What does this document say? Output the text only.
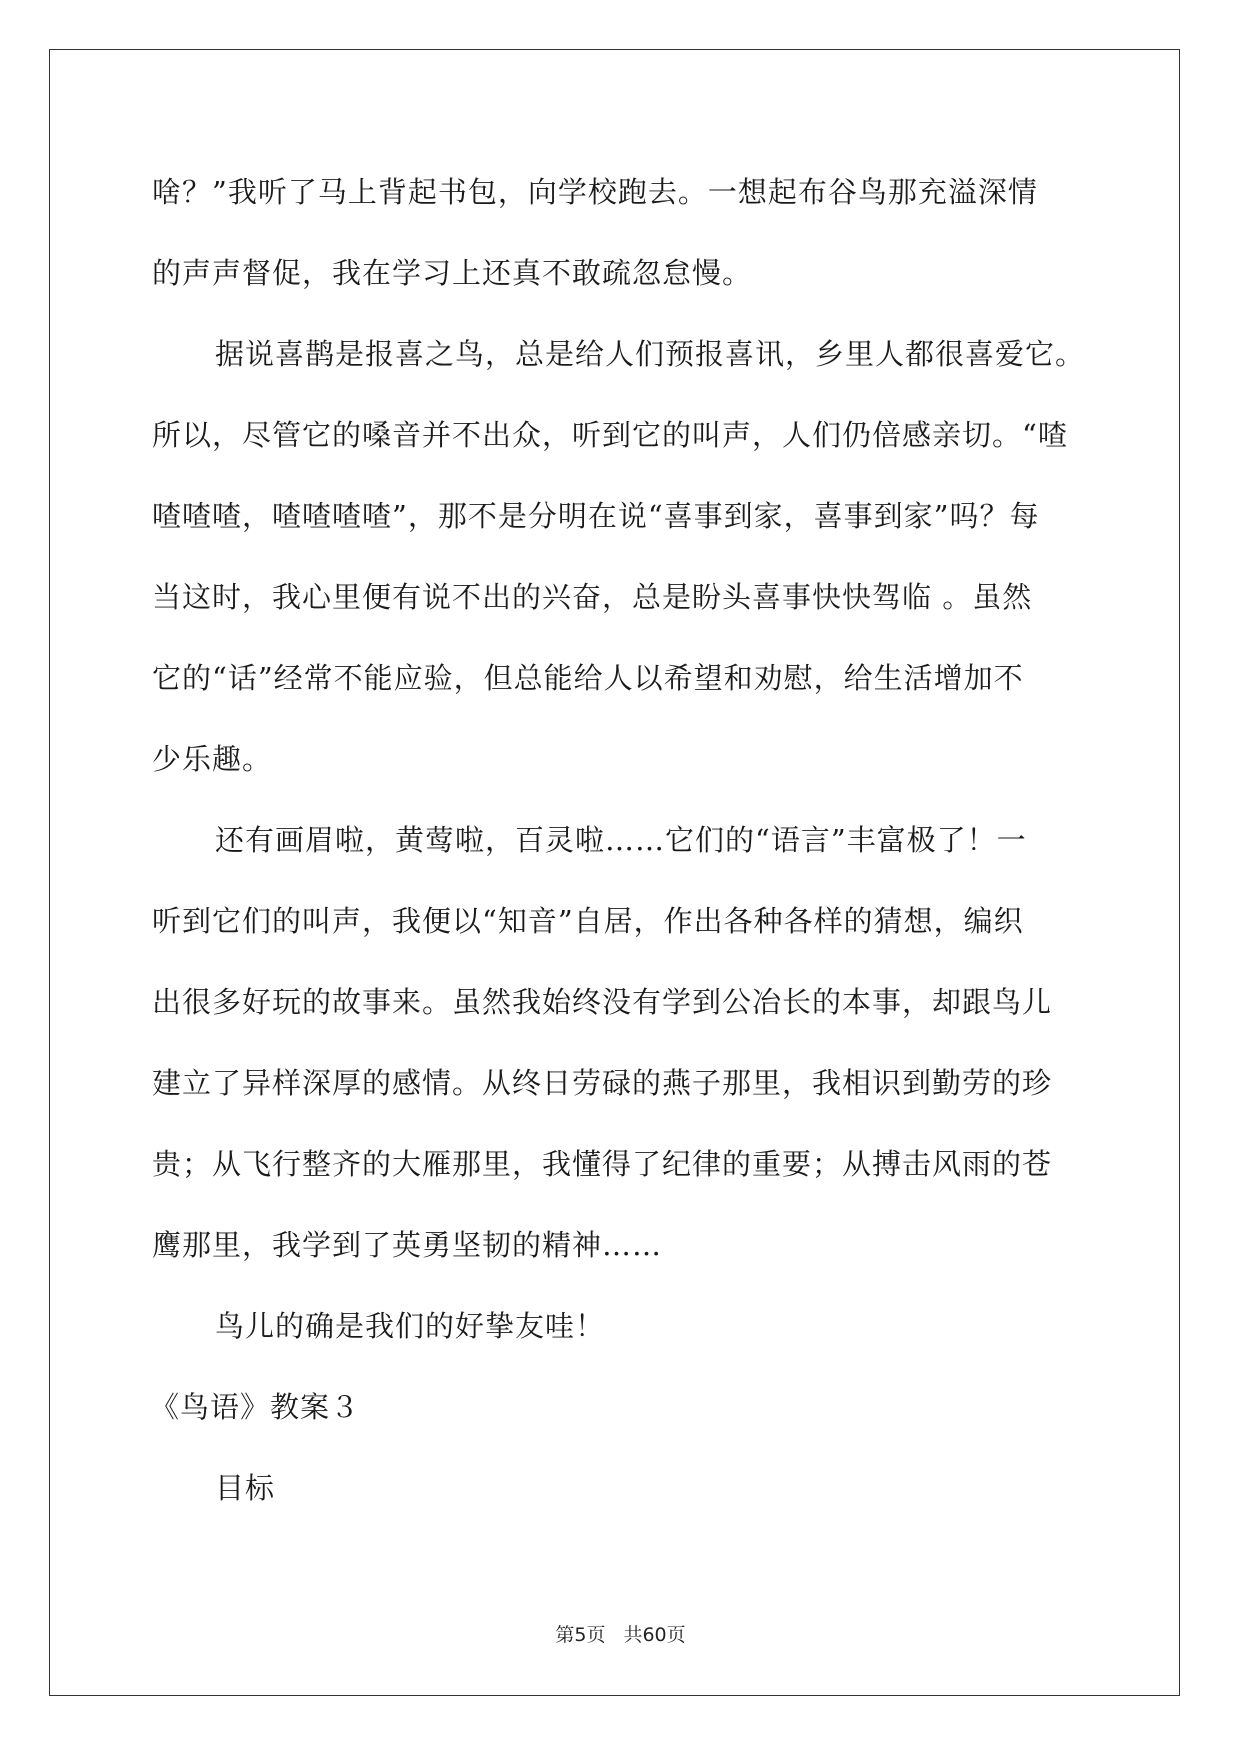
啥？”我听了马上背起书包，向学校跑去。一想起布谷鸟那充溢深情
的声声督促，我在学习上还真不敢疏忽怠慢。
据说喜鹊是报喜之鸟，总是给人们预报喜讯，乡里人都很喜爱它。
所以，尽管它的嗓音并不出众，听到它的叫声，人们仍倍感亲切。“喳
喳喳喳，喳喳喳喳”，那不是分明在说“喜事到家，喜事到家”吗？每
当这时，我心里便有说不出的兴奋，总是盼头喜事快快驾临 。虽然
它的“话”经常不能应验，但总能给人以希望和劝慰，给生活增加不
少乐趣。
还有画眉啦，黄莺啦，百灵啦……它们的“语言”丰富极了！一
听到它们的叫声，我便以“知音”自居，作出各种各样的猜想，编织
出很多好玩的故事来。虽然我始终没有学到公冶长的本事，却跟鸟儿
建立了异样深厚的感情。从终日劳碌的燕子那里，我相识到勤劳的珍
贵；从飞行整齐的大雁那里，我懂得了纪律的重要；从搏击风雨的苍
鹰那里，我学到了英勇坚韧的精神……
鸟儿的确是我们的好挚友哇！
《鸟语》教案３
目标
第5页 共60页
